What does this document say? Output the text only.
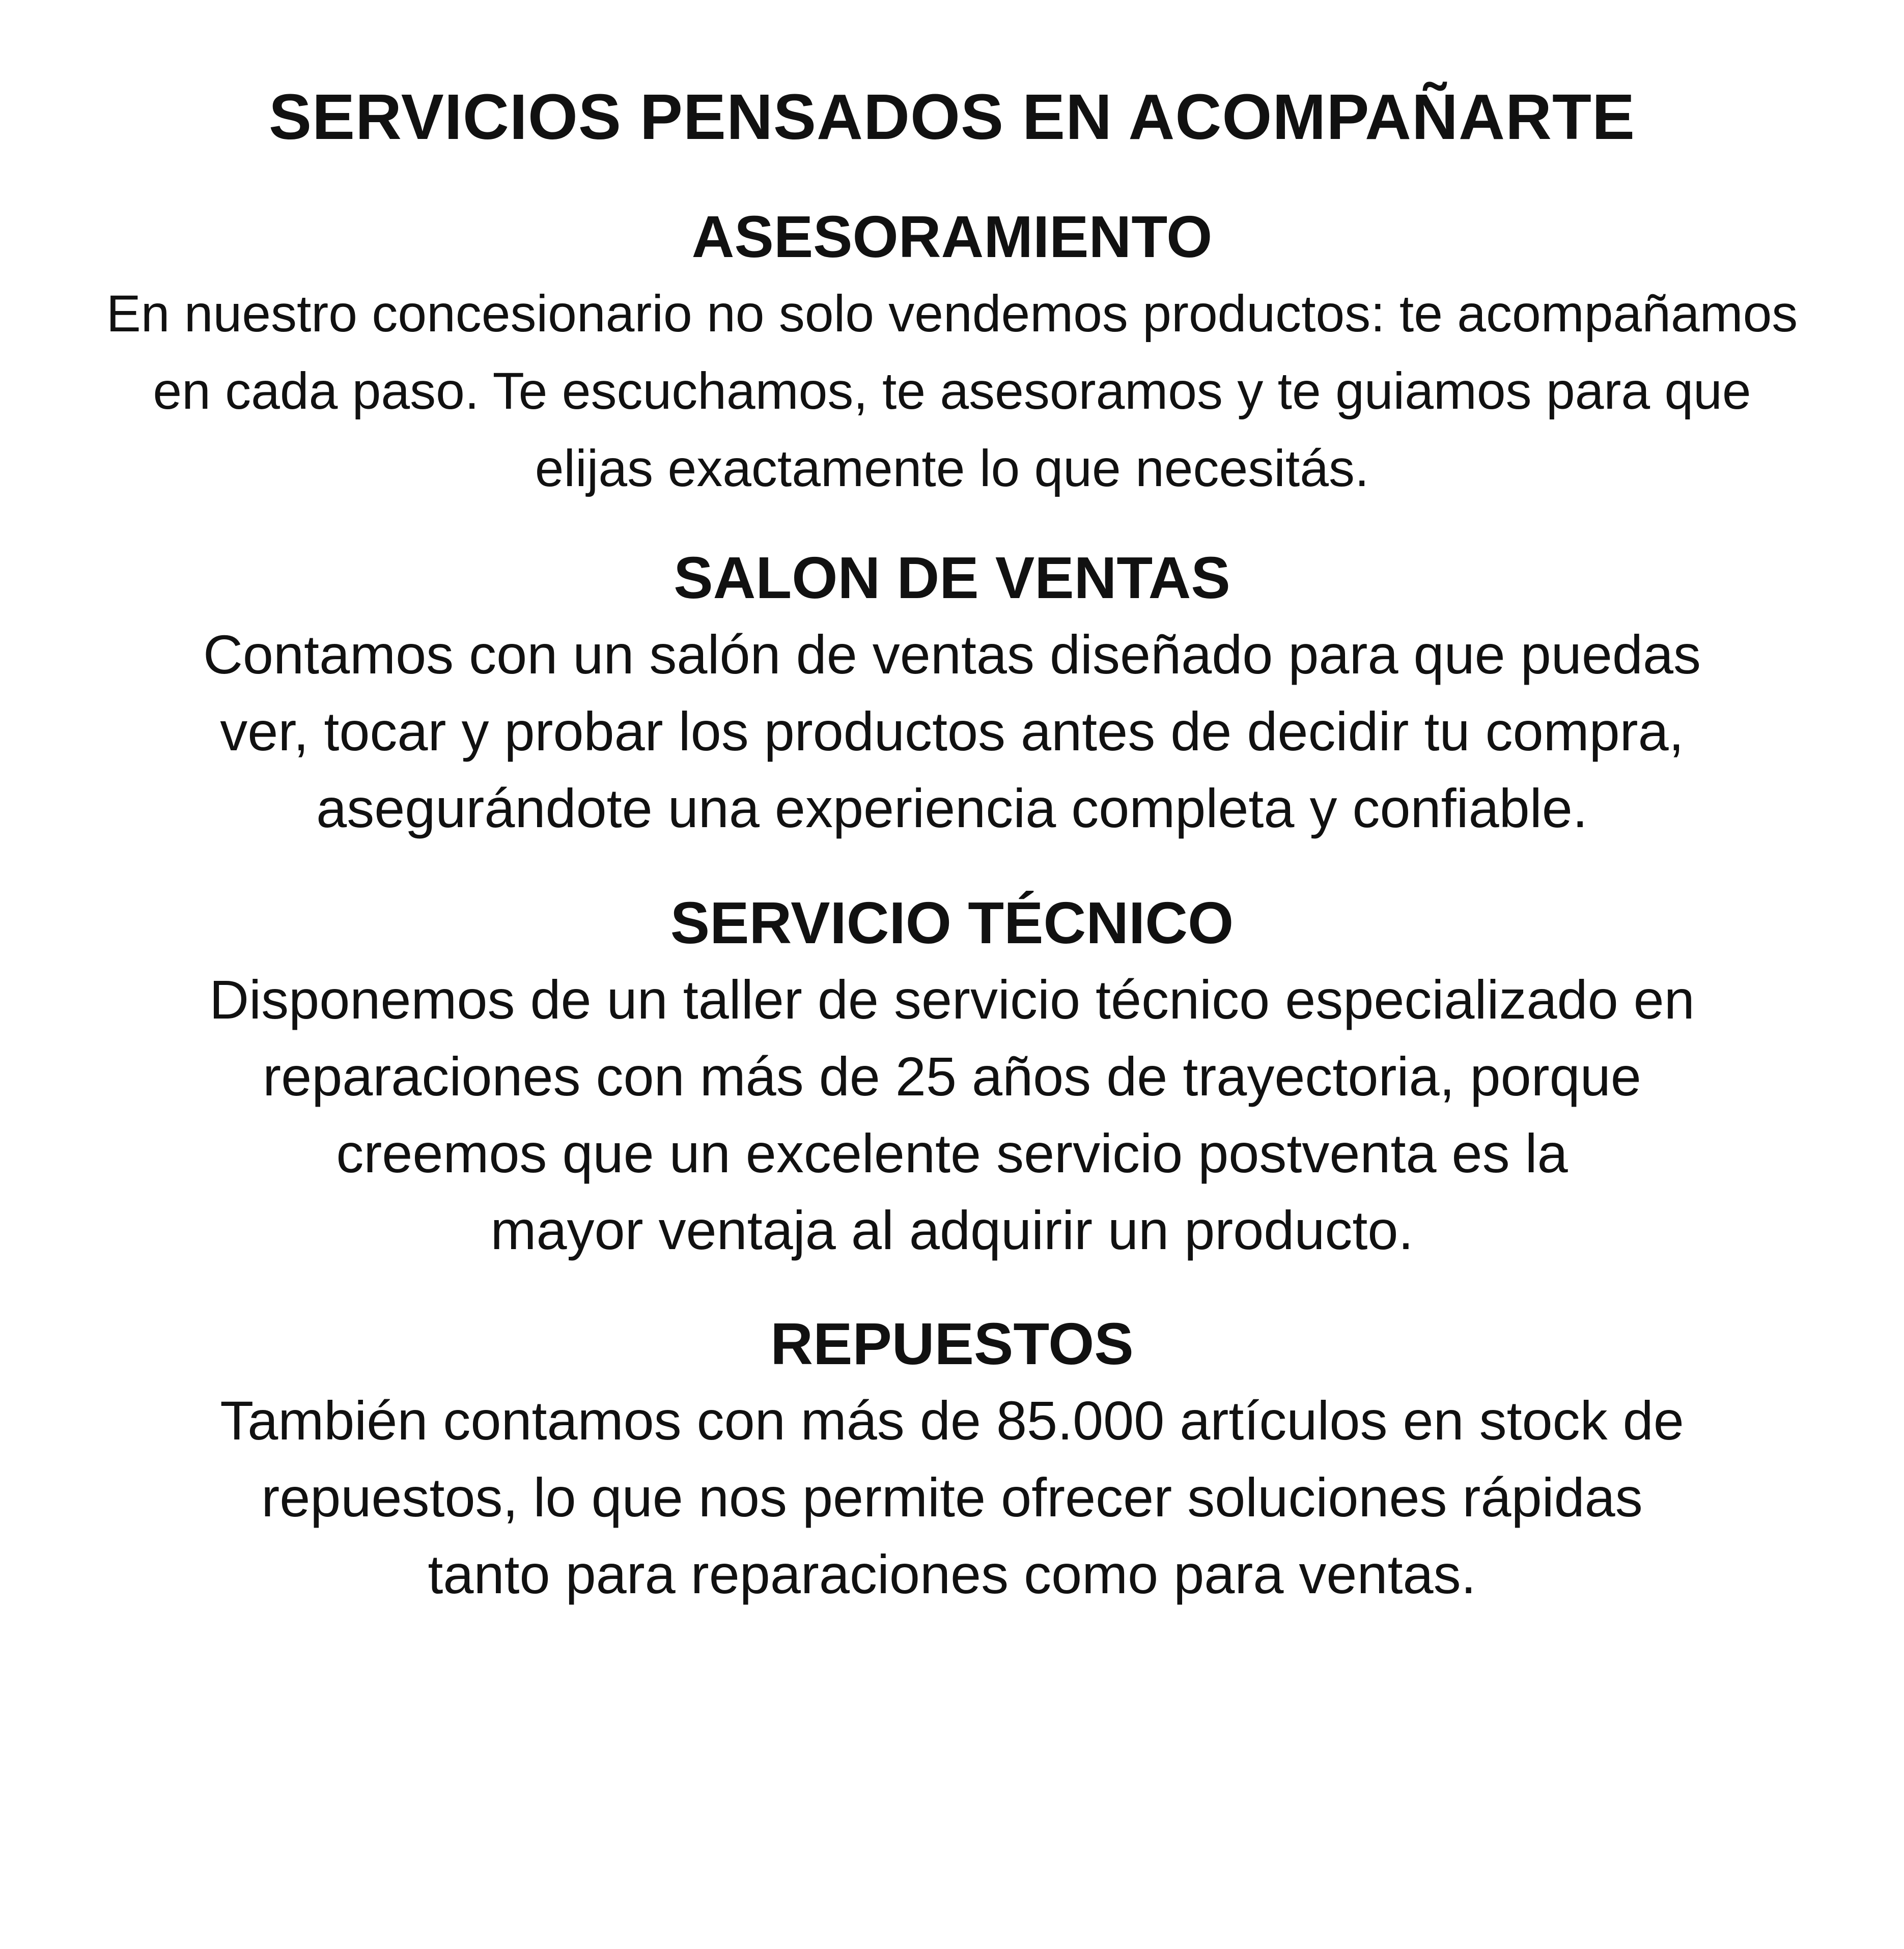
SERVICIOS PENSADOS EN ACOMPAÑARTE
ASESORAMIENTO

En nuestro concesionario no solo vendemos productos: te acompañamos
en cada paso. Te escuchamos, te asesoramos y te guiamos para que
elijas exactamente lo que necesitás.

SALON DE VENTAS

Contamos con un salón de ventas diseñado para que puedas
ver, tocar y probar los productos antes de decidir tu compra,
asegurándote una experiencia completa y confiable.

SERVICIO TÉCNICO

Disponemos de un taller de servicio técnico especializado en
reparaciones con más de 25 años de trayectoria, porque
creemos que un excelente servicio postventa es la
mayor ventaja al adquirir un producto.

REPUESTOS

También contamos con más de 85.000 artículos en stock de
repuestos, lo que nos permite ofrecer soluciones rápidas
tanto para reparaciones como para ventas.
